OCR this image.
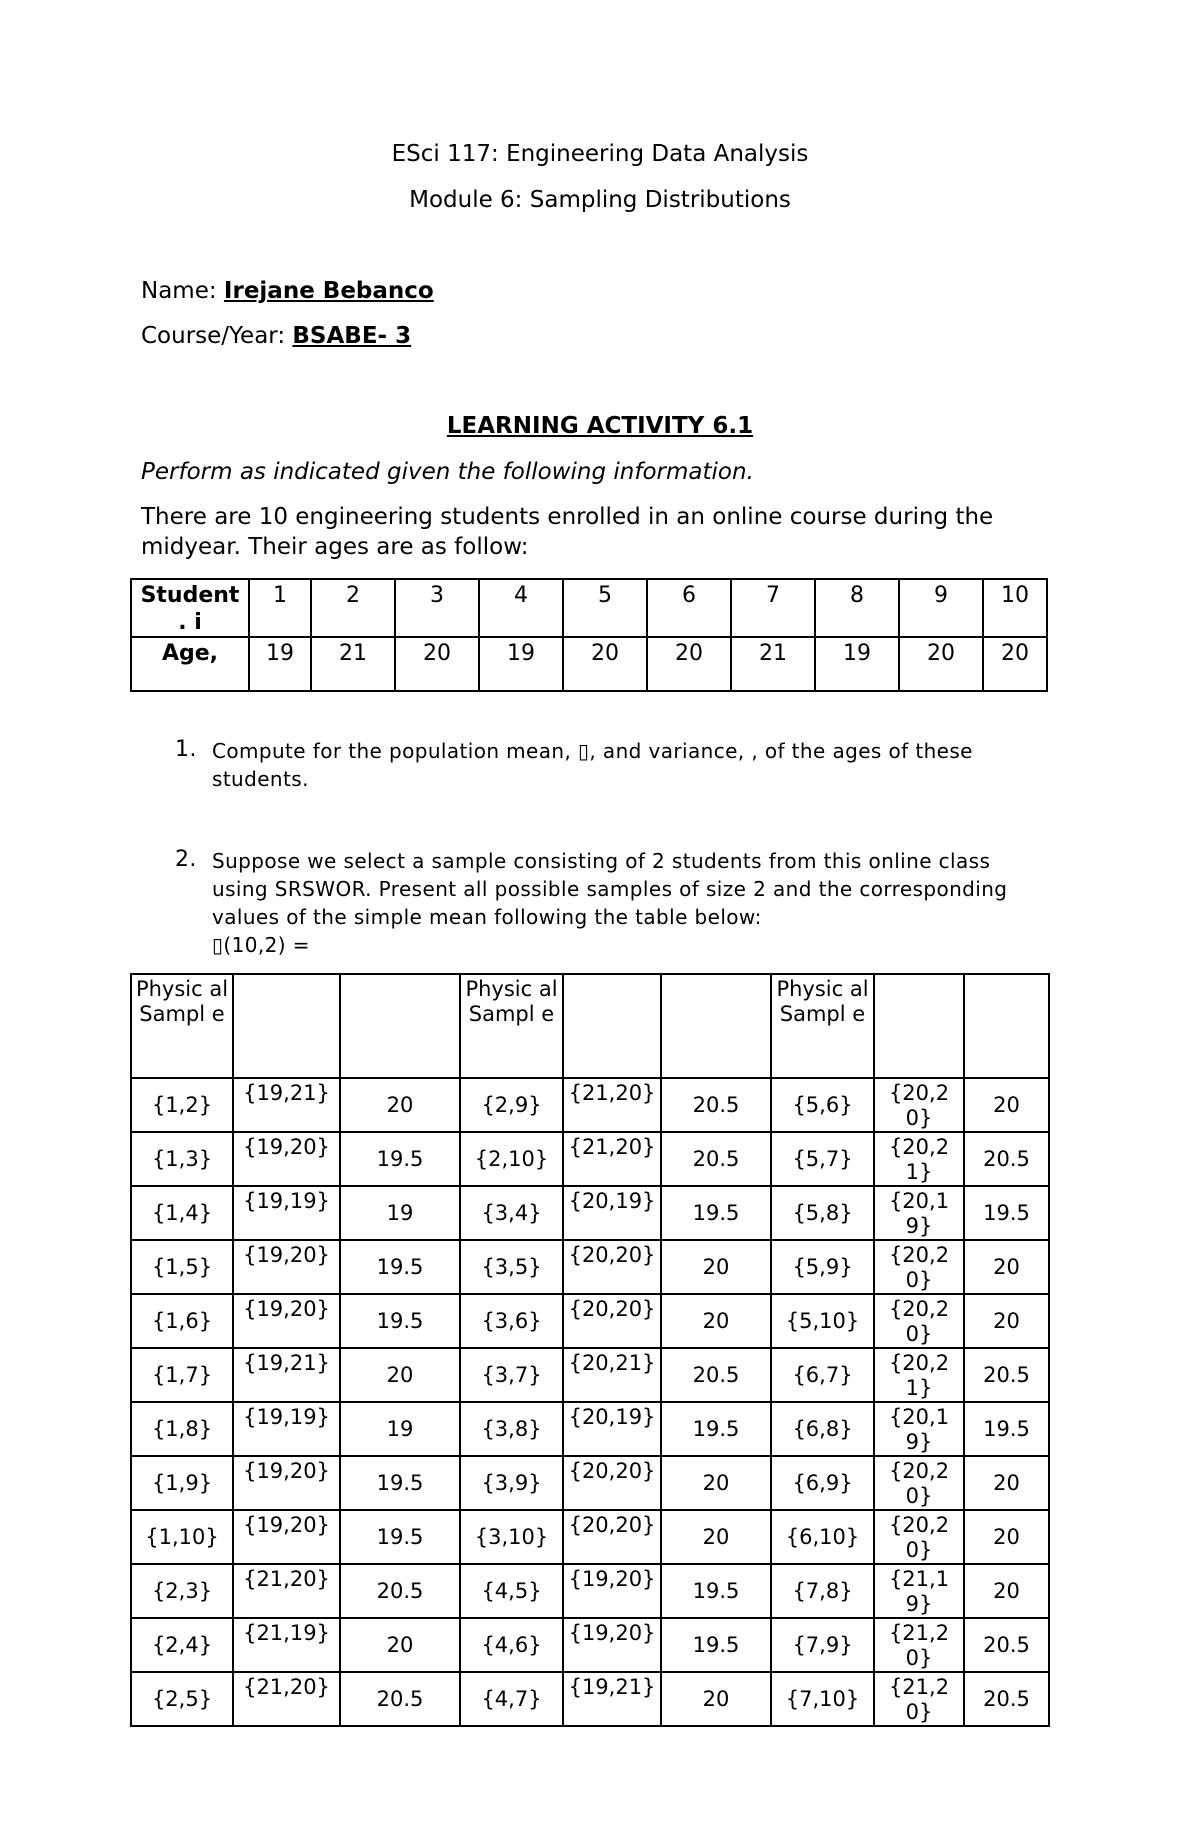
ESci 117: Engineering Data Analysis
Module 6: Sampling Distributions
Name: Irejane Bebanco
Course/Year: BSABE- 3
LEARNING ACTIVITY 6.1
Perform as indicated given the following information.
There are 10 engineering students enrolled in an online course during the
midyear. Their ages are as follow:
Student . i	1	2	3	4	5	6	7	8	9	10
Age,	19	21	20	19	20	20	21	19	20	20
1. Compute for the population mean, ▯, and variance, , of the ages of these
students.
2. Suppose we select a sample consisting of 2 students from this online class
using SRSWOR. Present all possible samples of size 2 and the corresponding
values of the simple mean following the table below:
▯(10,2) =
Physic al Sampl e			Physic al Sampl e			Physic al Sampl e		
{1,2}	{19,21}	20	{2,9}	{21,20}	20.5	{5,6}	{20,20}	20
{1,3}	{19,20}	19.5	{2,10}	{21,20}	20.5	{5,7}	{20,21}	20.5
{1,4}	{19,19}	19	{3,4}	{20,19}	19.5	{5,8}	{20,19}	19.5
{1,5}	{19,20}	19.5	{3,5}	{20,20}	20	{5,9}	{20,20}	20
{1,6}	{19,20}	19.5	{3,6}	{20,20}	20	{5,10}	{20,20}	20
{1,7}	{19,21}	20	{3,7}	{20,21}	20.5	{6,7}	{20,21}	20.5
{1,8}	{19,19}	19	{3,8}	{20,19}	19.5	{6,8}	{20,19}	19.5
{1,9}	{19,20}	19.5	{3,9}	{20,20}	20	{6,9}	{20,20}	20
{1,10}	{19,20}	19.5	{3,10}	{20,20}	20	{6,10}	{20,20}	20
{2,3}	{21,20}	20.5	{4,5}	{19,20}	19.5	{7,8}	{21,19}	20
{2,4}	{21,19}	20	{4,6}	{19,20}	19.5	{7,9}	{21,20}	20.5
{2,5}	{21,20}	20.5	{4,7}	{19,21}	20	{7,10}	{21,20}	20.5
